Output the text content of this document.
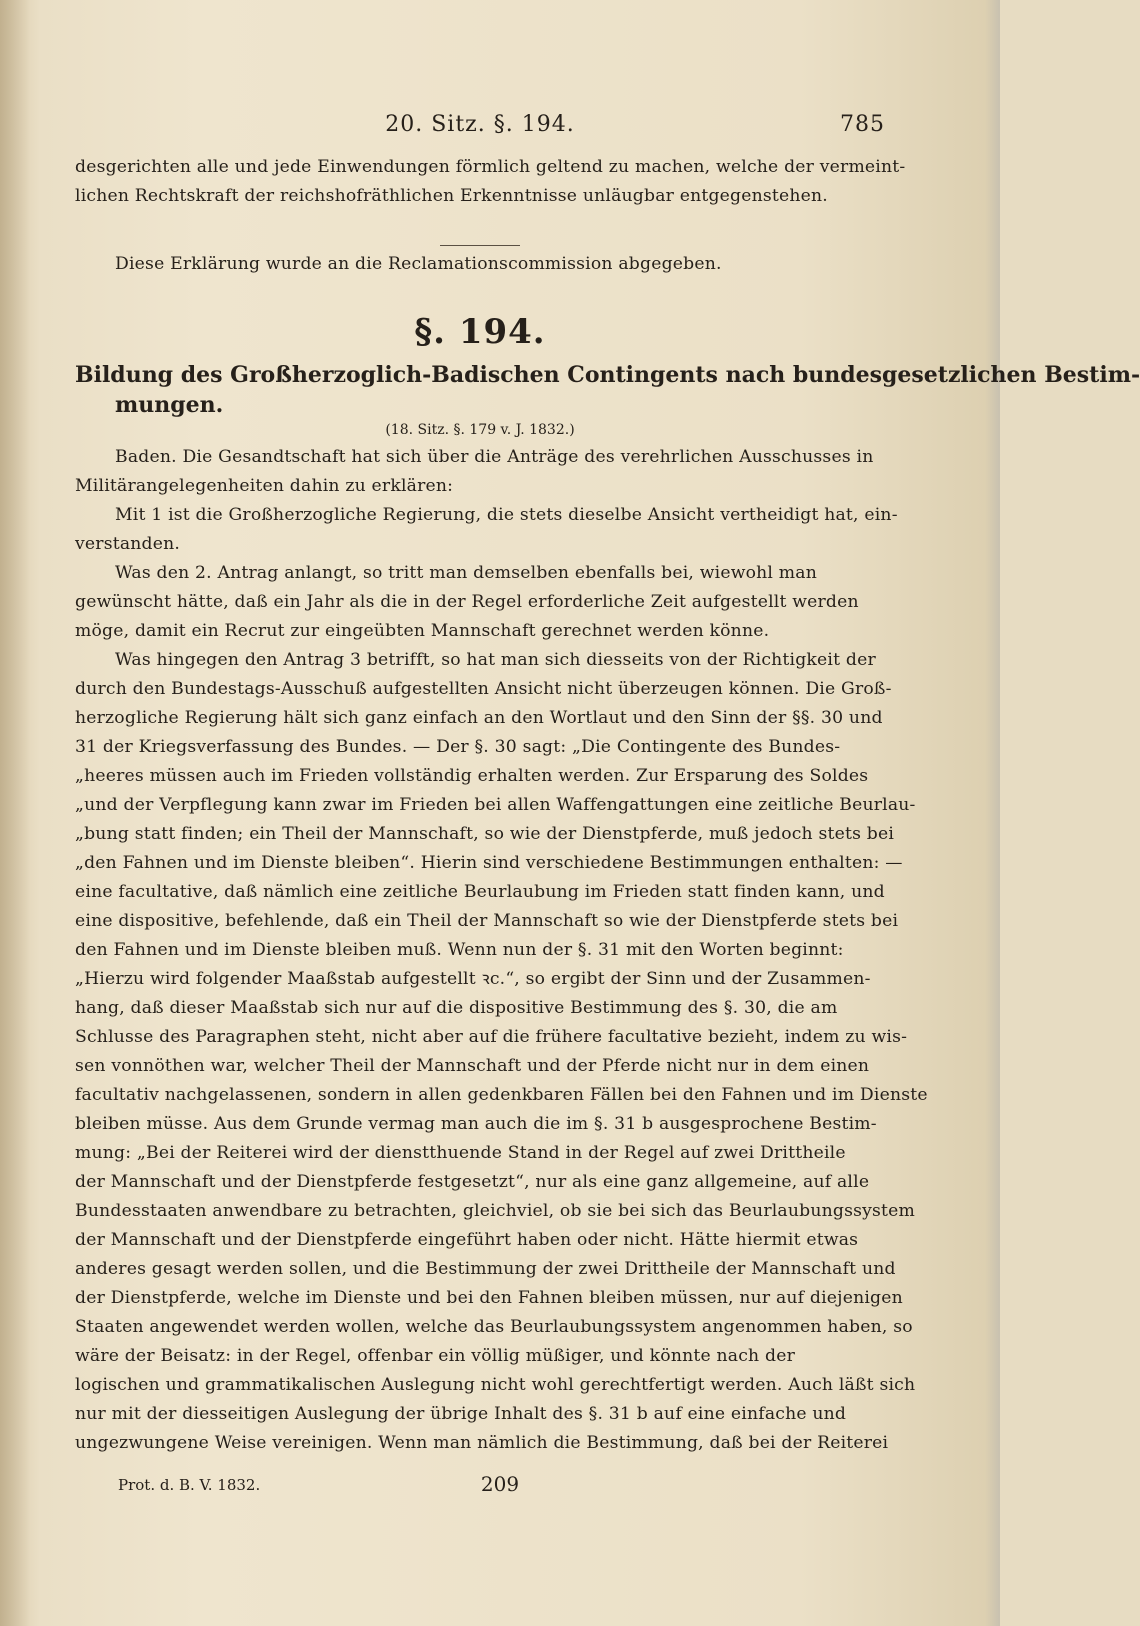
20. Sitz. §. 194.	785
desgerichten alle und jede Einwendungen förmlich geltend zu machen, welche der vermeint-
lichen Rechtskraft der reichshofräthlichen Erkenntnisse unläugbar entgegenstehen.
Diese Erklärung wurde an die Reclamationscommission abgegeben.
§. 194.
Bildung des Großherzoglich-Badischen Contingents nach bundesgesetzlichen Bestim-
mungen.
(18. Sitz. §. 179 v. J. 1832.)
Baden. Die Gesandtschaft hat sich über die Anträge des verehrlichen Ausschusses in
Militärangelegenheiten dahin zu erklären:
Mit 1 ist die Großherzogliche Regierung, die stets dieselbe Ansicht vertheidigt hat, ein-
verstanden.
Was den 2. Antrag anlangt, so tritt man demselben ebenfalls bei, wiewohl man
gewünscht hätte, daß ein Jahr als die in der Regel erforderliche Zeit aufgestellt werden
möge, damit ein Recrut zur eingeübten Mannschaft gerechnet werden könne.
Was hingegen den Antrag 3 betrifft, so hat man sich diesseits von der Richtigkeit der
durch den Bundestags-Ausschuß aufgestellten Ansicht nicht überzeugen können. Die Groß-
herzogliche Regierung hält sich ganz einfach an den Wortlaut und den Sinn der §§. 30 und
31 der Kriegsverfassung des Bundes. — Der §. 30 sagt: „Die Contingente des Bundes-
„heeres müssen auch im Frieden vollständig erhalten werden. Zur Ersparung des Soldes
„und der Verpflegung kann zwar im Frieden bei allen Waffengattungen eine zeitliche Beurlau-
„bung statt finden; ein Theil der Mannschaft, so wie der Dienstpferde, muß jedoch stets bei
„den Fahnen und im Dienste bleiben“. Hierin sind verschiedene Bestimmungen enthalten: —
eine facultative, daß nämlich eine zeitliche Beurlaubung im Frieden statt finden kann, und
eine dispositive, befehlende, daß ein Theil der Mannschaft so wie der Dienstpferde stets bei
den Fahnen und im Dienste bleiben muß. Wenn nun der §. 31 mit den Worten beginnt:
„Hierzu wird folgender Maaßstab aufgestellt ꝛc.“, so ergibt der Sinn und der Zusammen-
hang, daß dieser Maaßstab sich nur auf die dispositive Bestimmung des §. 30, die am
Schlusse des Paragraphen steht, nicht aber auf die frühere facultative bezieht, indem zu wis-
sen vonnöthen war, welcher Theil der Mannschaft und der Pferde nicht nur in dem einen
facultativ nachgelassenen, sondern in allen gedenkbaren Fällen bei den Fahnen und im Dienste
bleiben müsse. Aus dem Grunde vermag man auch die im §. 31 b ausgesprochene Bestim-
mung: „Bei der Reiterei wird der dienstthuende Stand in der Regel auf zwei Drittheile
der Mannschaft und der Dienstpferde festgesetzt“, nur als eine ganz allgemeine, auf alle
Bundesstaaten anwendbare zu betrachten, gleichviel, ob sie bei sich das Beurlaubungssystem
der Mannschaft und der Dienstpferde eingeführt haben oder nicht. Hätte hiermit etwas
anderes gesagt werden sollen, und die Bestimmung der zwei Drittheile der Mannschaft und
der Dienstpferde, welche im Dienste und bei den Fahnen bleiben müssen, nur auf diejenigen
Staaten angewendet werden wollen, welche das Beurlaubungssystem angenommen haben, so
wäre der Beisatz: in der Regel, offenbar ein völlig müßiger, und könnte nach der
logischen und grammatikalischen Auslegung nicht wohl gerechtfertigt werden. Auch läßt sich
nur mit der diesseitigen Auslegung der übrige Inhalt des §. 31 b auf eine einfache und
ungezwungene Weise vereinigen. Wenn man nämlich die Bestimmung, daß bei der Reiterei
Prot. d. B. V. 1832.	209
